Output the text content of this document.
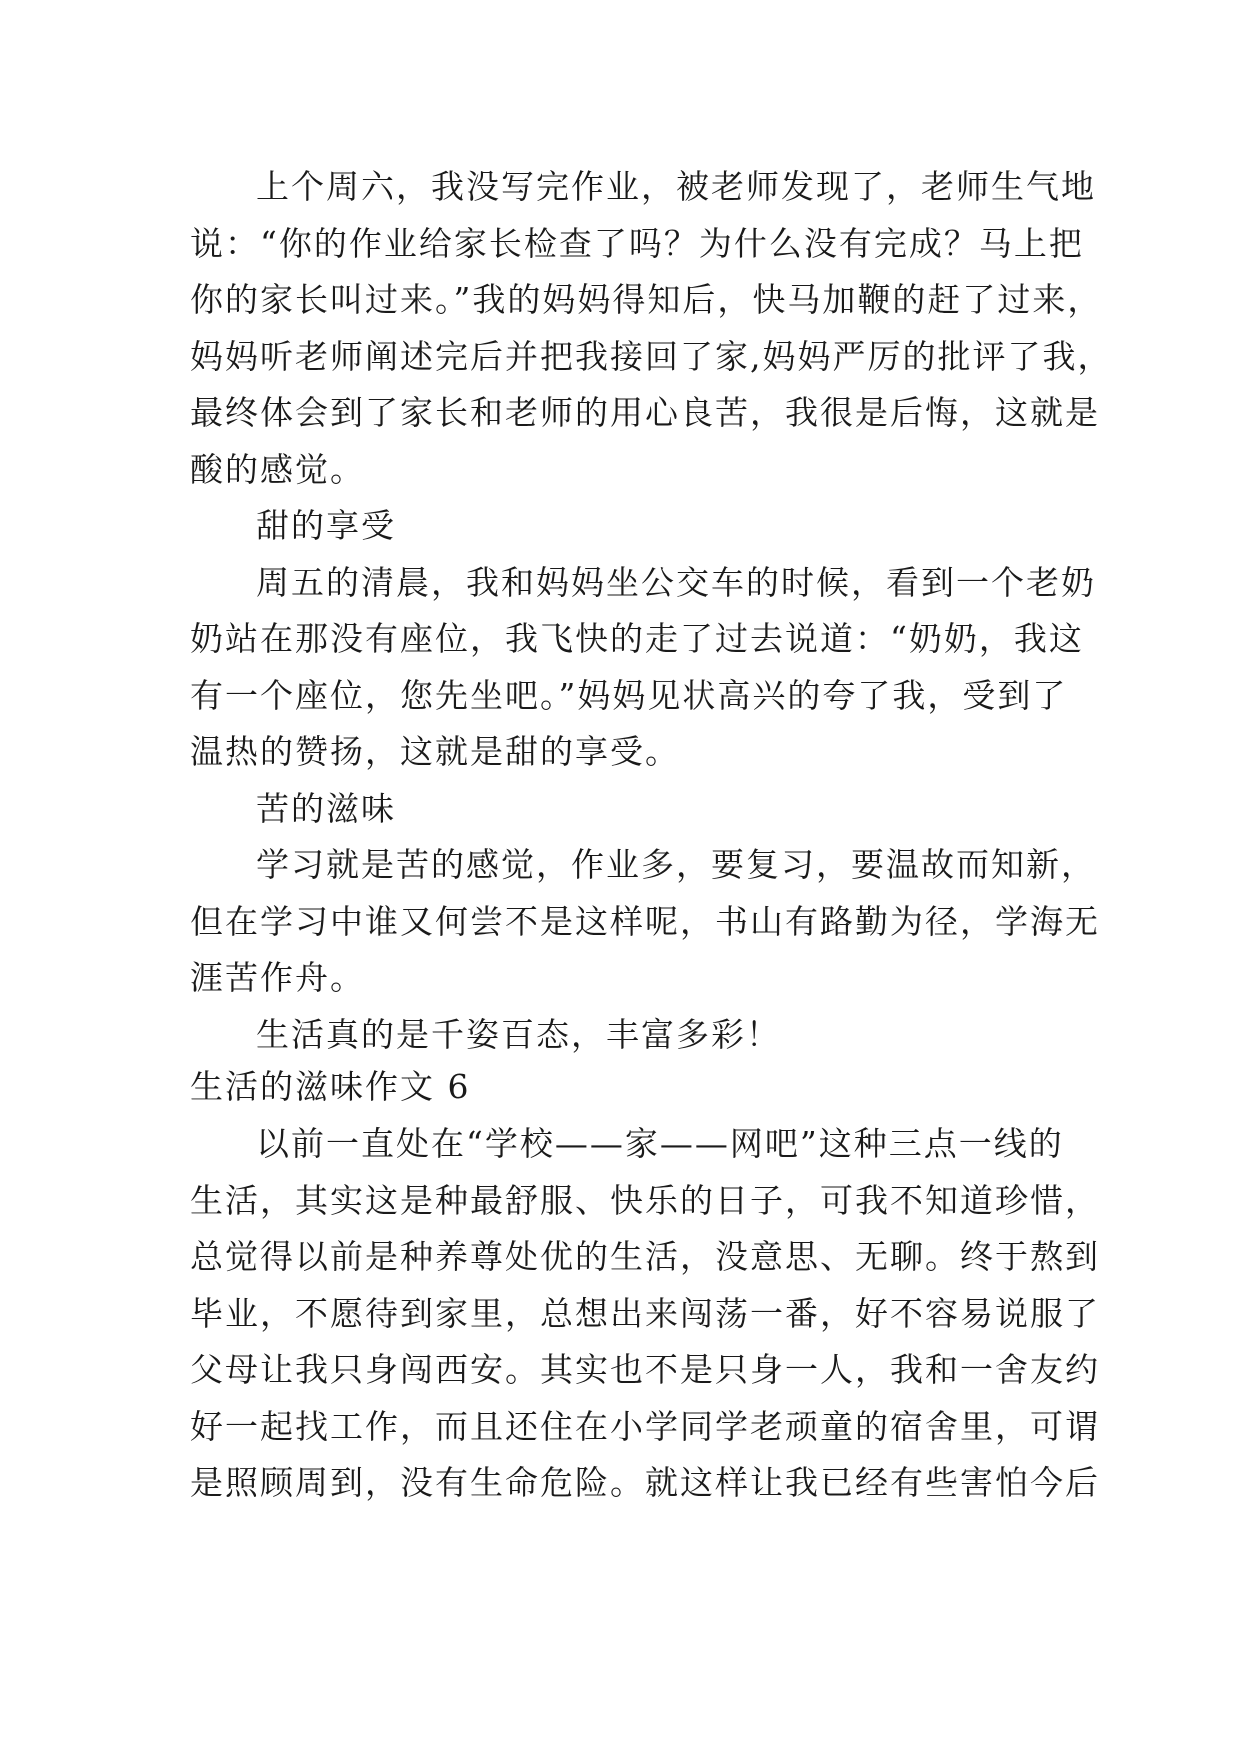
上个周六，我没写完作业，被老师发现了，老师生气地

说：“你的作业给家长检查了吗？为什么没有完成？马上把

你的家长叫过来。”我的妈妈得知后，快马加鞭的赶了过来，

妈妈听老师阐述完后并把我接回了家,妈妈严厉的批评了我，

最终体会到了家长和老师的用心良苦，我很是后悔，这就是

酸的感觉。

甜的享受

周五的清晨，我和妈妈坐公交车的时候，看到一个老奶

奶站在那没有座位，我飞快的走了过去说道：“奶奶，我这

有一个座位，您先坐吧。”妈妈见状高兴的夸了我，受到了

温热的赞扬，这就是甜的享受。

苦的滋味

学习就是苦的感觉，作业多，要复习，要温故而知新，

但在学习中谁又何尝不是这样呢，书山有路勤为径，学海无

涯苦作舟。

生活真的是千姿百态，丰富多彩！

生活的滋味作文 6

以前一直处在“学校——家——网吧”这种三点一线的

生活，其实这是种最舒服、快乐的日子，可我不知道珍惜，

总觉得以前是种养尊处优的生活，没意思、无聊。终于熬到

毕业，不愿待到家里，总想出来闯荡一番，好不容易说服了

父母让我只身闯西安。其实也不是只身一人，我和一舍友约

好一起找工作，而且还住在小学同学老顽童的宿舍里，可谓

是照顾周到，没有生命危险。就这样让我已经有些害怕今后
